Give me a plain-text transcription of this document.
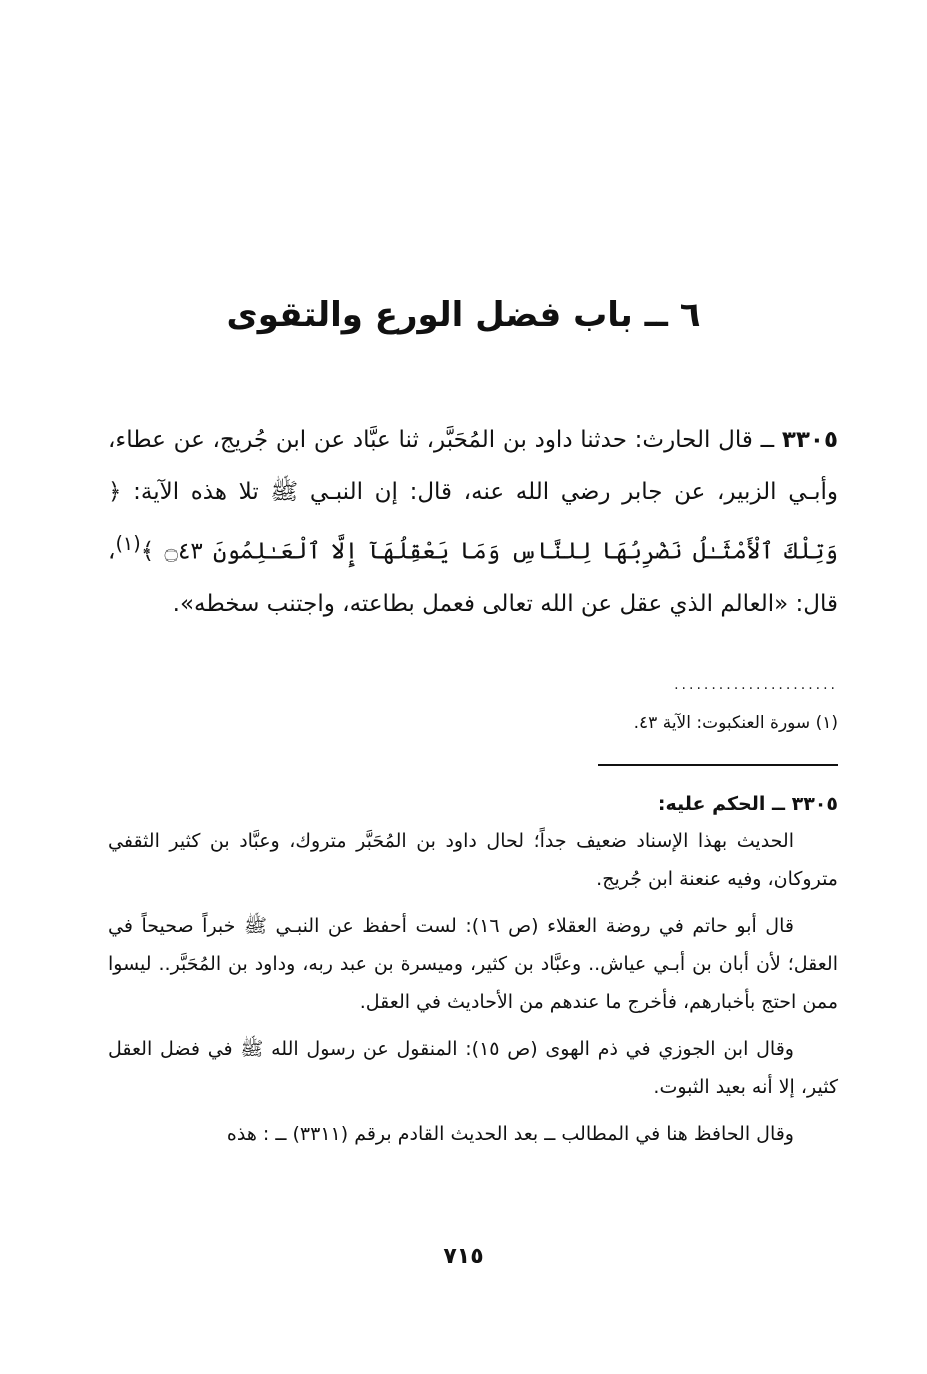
٦ ــ باب فضل الورع والتقوى

٣٣٠٥ ــ قال الحارث: حدثنا داود بن المُحَبَّر، ثنا عبَّاد عن ابن جُريج، عن عطاء، وأبـي الزبير، عن جابر رضي الله عنه، قال: إن النبـي ﷺ تلا هذه الآية: ﴿ وَتِلْكَ ٱلْأَمْثَـٰلُ نَضْرِبُهَا لِلنَّاسِ وَمَا يَعْقِلُهَآ إِلَّا ٱلْعَـٰلِمُونَ ۝٤٣ ﴾$^{(١)}$، قال: «العالم الذي عقل عن الله تعالى فعمل بطاعته، واجتنب سخطه».

......................

(١) سورة العنكبوت: الآية ٤٣.

٣٣٠٥ ــ الحكم عليه:

الحديث بهذا الإسناد ضعيف جداً؛ لحال داود بن المُحَبَّر متروك، وعبَّاد بن كثير الثقفي متروكان، وفيه عنعنة ابن جُريج.

قال أبو حاتم في روضة العقلاء (ص ١٦): لست أحفظ عن النبـي ﷺ خبراً صحيحاً في العقل؛ لأن أبان بن أبـي عياش.. وعبَّاد بن كثير، وميسرة بن عبد ربه، وداود بن المُحَبَّر.. ليسوا ممن احتج بأخبارهم، فأخرج ما عندهم من الأحاديث في العقل.

وقال ابن الجوزي في ذم الهوى (ص ١٥): المنقول عن رسول الله ﷺ في فضل العقل كثير، إلا أنه بعيد الثبوت.

وقال الحافظ هنا في المطالب ــ بعد الحديث القادم برقم (٣٣١١) ــ : هذه

٧١٥
